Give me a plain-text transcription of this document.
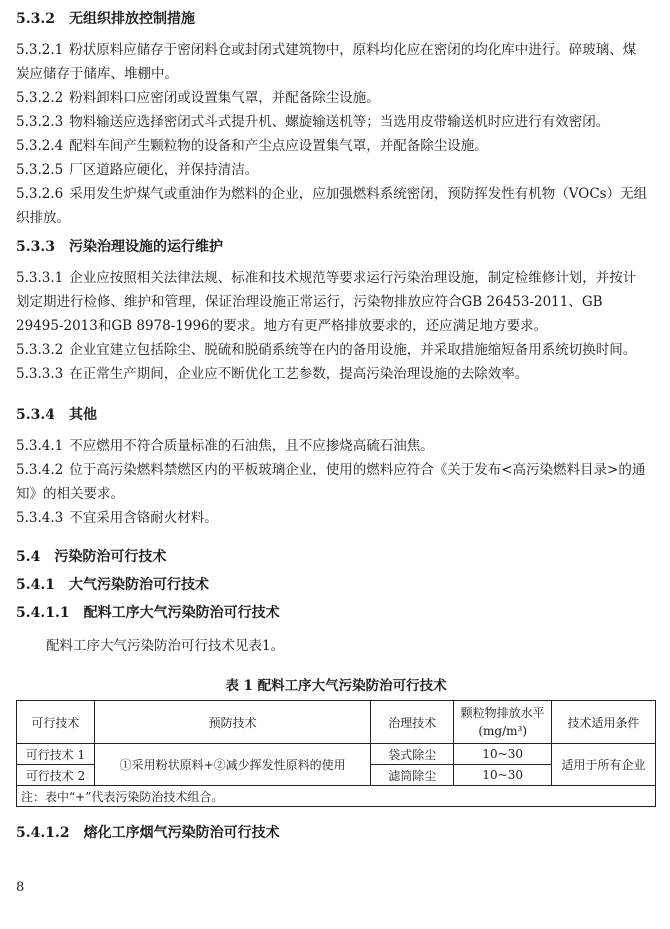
5.3.2　无组织排放控制措施
5.3.2.1 粉状原料应储存于密闭料仓或封闭式建筑物中，原料均化应在密闭的均化库中进行。碎玻璃、煤炭应储存于储库、堆棚中。
5.3.2.2 粉料卸料口应密闭或设置集气罩，并配备除尘设施。
5.3.2.3 物料输送应选择密闭式斗式提升机、螺旋输送机等；当选用皮带输送机时应进行有效密闭。
5.3.2.4 配料车间产生颗粒物的设备和产尘点应设置集气罩，并配备除尘设施。
5.3.2.5 厂区道路应硬化，并保持清洁。
5.3.2.6 采用发生炉煤气或重油作为燃料的企业，应加强燃料系统密闭，预防挥发性有机物（VOCs）无组织排放。
5.3.3　污染治理设施的运行维护
5.3.3.1 企业应按照相关法律法规、标准和技术规范等要求运行污染治理设施，制定检维修计划，并按计划定期进行检修、维护和管理，保证治理设施正常运行，污染物排放应符合GB 26453-2011、GB 29495-2013和GB 8978-1996的要求。地方有更严格排放要求的，还应满足地方要求。
5.3.3.2 企业宜建立包括除尘、脱硫和脱硝系统等在内的备用设施，并采取措施缩短备用系统切换时间。
5.3.3.3 在正常生产期间，企业应不断优化工艺参数，提高污染治理设施的去除效率。
5.3.4　其他
5.3.4.1 不应燃用不符合质量标准的石油焦，且不应掺烧高硫石油焦。
5.3.4.2 位于高污染燃料禁燃区内的平板玻璃企业，使用的燃料应符合《关于发布<高污染燃料目录>的通知》的相关要求。
5.3.4.3 不宜采用含铬耐火材料。
5.4　污染防治可行技术
5.4.1　大气污染防治可行技术
5.4.1.1　配料工序大气污染防治可行技术
配料工序大气污染防治可行技术见表1。
表 1 配料工序大气污染防治可行技术
可行技术	预防技术	治理技术	颗粒物排放水平
(mg/m³)	技术适用条件
可行技术 1	①采用粉状原料+②减少挥发性原料的使用	袋式除尘	10~30	适用于所有企业
可行技术 2		滤筒除尘	10~30	
注：表中“+”代表污染防治技术组合。				
5.4.1.2　熔化工序烟气污染防治可行技术
8
